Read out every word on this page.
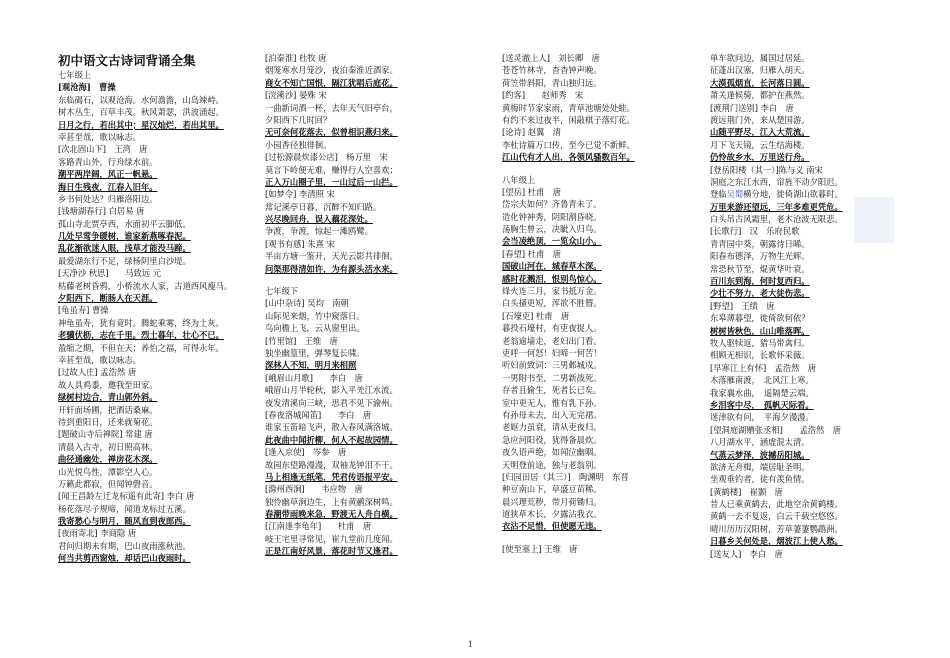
初中语文古诗词背诵全集
七年级上
[观沧海]　曹操
东临碣石，以观沧海。水何澹澹，山岛竦峙。
树木丛生，百草丰茂。秋风萧瑟，洪波涌起。
日月之行，若出其中；星汉灿烂，若出其里。
幸甚至哉，歌以咏志。
[次北固山下]　王湾　唐
客路青山外，行舟绿水前。
潮平两岸阔，风正一帆悬。
海日生残夜，江春入旧年。
乡书何处达？归雁洛阳边。
[钱塘湖春行] 白居易 唐
孤山寺北贾亭西，水面初平云脚低。
几处早莺争暖树，谁家新燕啄春泥。
乱花渐欲迷人眼，浅草才能没马蹄。
最爱湖东行不足，绿杨阴里白沙堤。
[天净沙 秋思]　　马致远 元
枯藤老树昏鸦，小桥流水人家，古道西风瘦马。
夕阳西下，断肠人在天涯。
[龟虽寿] 曹操
神龟虽寿，犹有竟时。腾蛇乘雾，终为土灰。
老骥伏枥，志在千里。烈士暮年，壮心不已。
盈缩之期，不但在天；养怡之福，可得永年。
幸甚至哉，歌以咏志。
[过故人庄] 孟浩然 唐
故人具鸡黍，邀我至田家。
绿树村边合，青山郭外斜。
开轩面场圃，把酒话桑麻。
待到重阳日，还来就菊花。
[题破山寺后禅院] 常建 唐
清晨入古寺，初日照高林。
曲径通幽处，禅房花木深。
山光悦鸟性，潭影空人心。
万籁此都寂，但闻钟磬音。
[闻王昌龄左迁龙标遥有此寄] 李白 唐
杨花落尽子规啼，闻道龙标过五溪。
我寄愁心与明月，随风直到夜郎西。
[夜雨寄北] 李商隐 唐
君问归期未有期，巴山夜雨涨秋池。
何当共剪西窗烛，却话巴山夜雨时。
[泊秦淮] 杜牧 唐
烟笼寒水月笼沙，夜泊秦淮近酒家。
商女不知亡国恨，隔江犹唱后庭花。
[浣溪沙] 晏殊 宋
一曲新词酒一杯，去年天气旧亭台，
夕阳西下几时回？
无可奈何花落去，似曾相识燕归来。
小园香径独徘徊。
[过松源晨炊漆公店]　杨万里　宋
莫言下岭便无难，赚得行人空喜欢；
正入万山圈子里，一山过后一山拦。
[如梦令] 李清照 宋
常记溪亭日暮，沉醉不知归路。
兴尽晚回舟，误入藕花深处。
争渡，争渡，惊起一滩鸥鹭。
[观书有感] 朱熹 宋
半亩方塘一鉴开，天光云影共徘徊。
问渠那得清如许，为有源头活水来。
七年级下
[山中杂诗] 吴均　南朝
山际见来烟，竹中窥落日。
鸟向檐上飞，云从窗里出。
[竹里馆]　王维　唐
独坐幽篁里，弹琴复长啸。
深林人不知，明月来相照
[峨眉山月歌]　　李白　唐
峨眉山月半轮秋，影入平羌江水流。
夜发清溪向三峡，思君不见下渝州。
[春夜洛城闻笛]　　李白　唐
谁家玉笛暗飞声，散入春风满洛城。
此夜曲中闻折柳，何人不起故园情。
[逢入京使]　岑参　唐
故园东望路漫漫，双袖龙钟泪不干。
马上相逢无纸笔，凭君传语报平安。
[滁州西涧]　　韦应物　唐
独怜幽草涧边生，上有黄鹂深树鸣。
春潮带雨晚来急，野渡无人舟自横。
[江南逢李龟年]　　杜甫　唐
岐王宅里寻常见，崔九堂前几度闻。
正是江南好风景，落花时节又逢君。
[送灵澈上人]　刘长卿　唐
苍苍竹林寺，杳杳钟声晚。
荷笠带斜阳，青山独归远。
[约客]　　赵师秀　宋
黄梅时节家家雨，青草池塘处处蛙。
有约不来过夜半，闲敲棋子落灯花。
[论诗] 赵翼　清
李杜诗篇万口传，至今已觉不新鲜。
江山代有才人出，各领风骚数百年。
八年级上
[望岳] 杜甫　唐
岱宗夫如何？齐鲁青未了。
造化钟神秀，阴阳割昏晓。
荡胸生曾云，决眦入归鸟。
会当凌绝顶，一览众山小。
[春望] 杜甫　唐
国破山河在，城春草木深。
感时花溅泪，恨别鸟惊心。
烽火连三月，家书抵万金。
白头搔更短，浑欲不胜簪。
[石壕吏] 杜甫　唐
暮投石壕村，有吏夜捉人。
老翁逾墙走，老妇出门看。
吏呼一何怒！妇啼一何苦！
听妇前致词：三男邺城戍。
一男附书至，二男新战死。
存者且偷生，死者长已矣。
室中更无人，惟有乳下孙。
有孙母未去，出入无完裙。
老妪力虽衰，请从吏夜归。
急应河阳役，犹得备晨炊。
夜久语声绝，如闻泣幽咽。
天明登前途，独与老翁别。
[归园田居（其三）]　陶渊明　东晋
种豆南山下，草盛豆苗稀。
晨兴理荒秽，带月荷锄归。
道狭草木长，夕露沾我衣。
衣沾不足惜，但使愿无违。
[使至塞上] 王维　唐
单车欲问边，属国过居延。
征蓬出汉塞，归雁入胡天。
大漠孤烟直，长河落日圆。
萧关逢候骑，都护在燕然。
[渡荆门送别] 李白　唐
渡远荆门外，来从楚国游。
山随平野尽，江入大荒流。
月下飞天镜，云生结海楼。
仍怜故乡水，万里送行舟。
[登岳阳楼（其一）]陈与义 南宋
洞庭之东江水西，帘旌不动夕阳迟。
登临吴蜀横分地，徙倚湖山欲暮时。
万里来游还望远，三年多难更凭危。
白头吊古风霜里，老木沧波无限悲。
[长歌行]　汉　乐府民歌
青青园中葵，朝露待日晞。
阳春布德泽，万物生光辉。
常恐秋节至，焜黄华叶衰。
百川东到海，何时复西归。
少壮不努力，老大徒伤悲。
[野望]　王绩　唐
东皋薄暮望，徙倚欲何依？
树树皆秋色，山山唯落晖。
牧人驱犊返，猎马带禽归。
相顾无相识，长歌怀采薇。
[早寒江上有怀]　孟浩然　唐
木落雁南渡，　北风江上寒。
我家襄水曲，　遥隔楚云端。
乡泪客中尽，　孤帆天际看。
迷津欲有问，　平海夕漫漫。
[望洞庭湖赠张丞相]　　孟浩然　唐
八月湖水平，涵虚混太清。
气蒸云梦泽，波撼岳阳城。
欲济无舟楫，端居耻圣明。
坐观垂钓者，徒有羡鱼情。
[黄鹤楼]　崔颢　唐
昔人已乘黄鹤去，此地空余黄鹤楼。
黄鹤一去不复返，白云千载空悠悠。
晴川历历汉阳树，芳草萋萋鹦鹉洲。
日暮乡关何处是，烟波江上使人愁。
[送友人]　李白　唐
1
